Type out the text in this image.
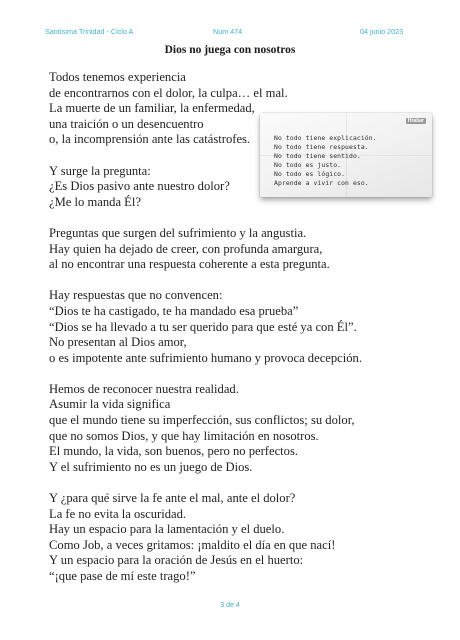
Santísima Trinidad - Ciclo A	Num 474	04 junio 2023
Dios no juega con nosotros
Todos tenemos experiencia
de encontrarnos con el dolor, la culpa… el mal.
La muerte de un familiar, la enfermedad,
una traición o un desencuentro
o, la incomprensión ante las catástrofes.
Y surge la pregunta:
¿Es Dios pasivo ante nuestro dolor?
¿Me lo manda Él?
Preguntas que surgen del sufrimiento y la angustia.
Hay quien ha dejado de creer, con profunda amargura,
al no encontrar una respuesta coherente a esta pregunta.
Hay respuestas que no convencen:
“Dios te ha castigado, te ha mandado esa prueba”
“Dios se ha llevado a tu ser querido para que esté ya con Él”.
No presentan al Dios amor,
o es impotente ante sufrimiento humano y provoca decepción.
Hemos de reconocer nuestra realidad.
Asumir la vida significa
que el mundo tiene su imperfección, sus conflictos; su dolor,
que no somos Dios, y que hay limitación en nosotros.
El mundo, la vida, son buenos, pero no perfectos.
Y el sufrimiento no es un juego de Dios.
Y ¿para qué sirve la fe ante el mal, ante el dolor?
La fe no evita la oscuridad.
Hay un espacio para la lamentación y el duelo.
Como Job, a veces gritamos: ¡maldito el día en que nací!
Y un espacio para la oración de Jesús en el huerto:
“¡que pase de mí este trago!”
Hrabar
No todo tiene explicación.
No todo tiene respuesta.
No todo tiene sentido.
No todo es justo.
No todo es lógico.
Aprende a vivir con eso.
3 de 4
